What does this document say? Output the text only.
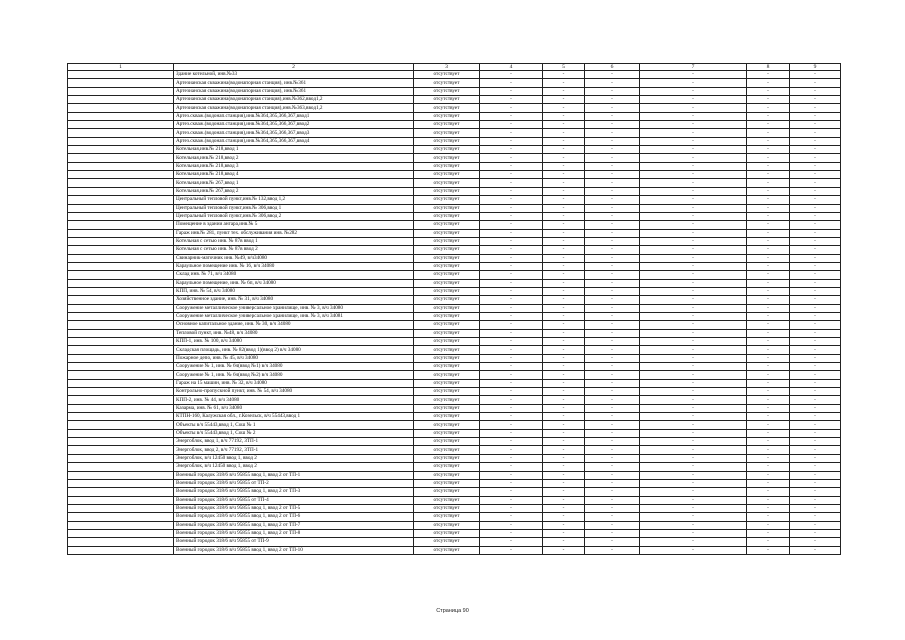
1	2	3	4	5	6	7	8	9
	Здание котельной, инв.№33	отсутствует	-	-	-	-	-	-
	Артезианская скважина(водонапорная станция), инв.№361	отсутствует	-	-	-	-	-	-
	Артезианская скважина(водонапорная станция), инв.№361	отсутствует	-	-	-	-	-	-
	Артезианская скважина(водонапорная станция),инв.№362,ввод1,2	отсутствует	-	-	-	-	-	-
	Артезианская скважина(водонапорная станция),инв.№363,ввод1,2	отсутствует	-	-	-	-	-	-
	Артез.скваж.(водонап.станция),инв.№364,365,366,367,ввод1	отсутствует	-	-	-	-	-	-
	Артез.скваж.(водонап.станция),инв.№364,365,366,367,ввод2	отсутствует	-	-	-	-	-	-
	Артез.скваж.(водонап.станция),инв.№364,365,366,367,ввод3	отсутствует	-	-	-	-	-	-
	Артез.скваж.(водонап.станция),инв.№364,365,366,367,ввод4	отсутствует	-	-	-	-	-	-
	Котельная,инв.№ 218,ввод 1	отсутствует	-	-	-	-	-	-
	Котельная,инв.№ 218,ввод 2	отсутствует	-	-	-	-	-	-
	Котельная,инв.№ 218,ввод 3	отсутствует	-	-	-	-	-	-
	Котельная,инв.№ 218,ввод 4	отсутствует	-	-	-	-	-	-
	Котельная,инв.№ 267,ввод 1	отсутствует	-	-	-	-	-	-
	Котельная,инв.№ 267,ввод 2	отсутствует	-	-	-	-	-	-
	Центральный тепловой пункт,инв.№ 132,ввод 1,2	отсутствует	-	-	-	-	-	-
	Центральный тепловой пункт,инв.№ 306,ввод 1	отсутствует	-	-	-	-	-	-
	Центральный тепловой пункт,инв.№ 306,ввод 2	отсутствует	-	-	-	-	-	-
	Помещение в здании ангара,инв.№ 5	отсутствует	-	-	-	-	-	-
	Гараж инв.№ 281, пункт тех. обслуживания инв. №282	отсутствует	-	-	-	-	-	-
	Котельная с сетью инв. № 87в ввод 1	отсутствует	-	-	-	-	-	-
	Котельная с сетью инв. № 87в ввод 2	отсутствует	-	-	-	-	-	-
	Свинарник-маточник инв. №49, в/ч34080	отсутствует	-	-	-	-	-	-
	Караульное помещение инв. № 16, в/ч 34080	отсутствует	-	-	-	-	-	-
	Склад инв. № 71, в/ч 34080	отсутствует	-	-	-	-	-	-
	Караульное помещение, инв. № 6п, в/ч 34080	отсутствует	-	-	-	-	-	-
	КПП, инв. № 54, в/ч 34080	отсутствует	-	-	-	-	-	-
	Хозяйственное здание, инв. № 31, в/ч 34080	отсутствует	-	-	-	-	-	-
	Сооружение металлическое универсальное хранилище, инв. № 3, в/ч 34080	отсутствует	-	-	-	-	-	-
	Сооружение металлическое универсальное хранилище, инв. № 3, в/ч 34081	отсутствует	-	-	-	-	-	-
	Основное капитальное здание, инв. № 30, в/ч 34080	отсутствует	-	-	-	-	-	-
	Тепловой пункт, инв. №48, в/ч 34080	отсутствует	-	-	-	-	-	-
	КПП-1, инв. № 100, в/ч 34080	отсутствует	-	-	-	-	-	-
	Складская площадь, инв. № 82(ввод 1)(ввод 2) в/ч 34080	отсутствует	-	-	-	-	-	-
	Пожарное депо, инв. № 45, в/ч 34080	отсутствует	-	-	-	-	-	-
	Сооружение № 1, инв. № 6ч(ввод №1) в/ч 34080	отсутствует	-	-	-	-	-	-
	Сооружение № 1, инв. № 6ч(ввод №2) в/ч 34080	отсутствует	-	-	-	-	-	-
	Гараж на 15 машин, инв. № 32, в/ч 34080	отсутствует	-	-	-	-	-	-
	Контрольно-пропускной пункт, инв. № 54, в/ч 34080	отсутствует	-	-	-	-	-	-
	КПП-2, инв. № 44, в/ч 34080	отсутствует	-	-	-	-	-	-
	Казарма, инв. № 61, в/ч 34080	отсутствует	-	-	-	-	-	-
	КТПН-160, Калужская обл., г.Козельск, в/ч 55443,ввод 1	отсутствует	-	-	-	-	-	-
	Объекты в/ч 55443,ввод 1, Сош № 1	отсутствует	-	-	-	-	-	-
	Объекты в/ч 55443,ввод 1, Сош № 2	отсутствует	-	-	-	-	-	-
	Энергоблок, ввод 1, в/ч 77192, ЗТП-1	отсутствует	-	-	-	-	-	-
	Энергоблок, ввод 2, в/ч 77192, ЗТП-1	отсутствует	-	-	-	-	-	-
	Энергоблок, в/ч 12450 ввод 1, ввод 2	отсутствует	-	-	-	-	-	-
	Энергоблок, в/ч 12450 ввод 1, ввод 2	отсутствует	-	-	-	-	-	-
	Военный городок 318/6 в/ч 95855 ввод 1, ввод 2 от ТП-1	отсутствует	-	-	-	-	-	-
	Военный городок 318/6 в/ч 95855 от ТП-2	отсутствует	-	-	-	-	-	-
	Военный городок 318/6 в/ч 95855 ввод 1, ввод 2 от ТП-3	отсутствует	-	-	-	-	-	-
	Военный городок 318/6 в/ч 95855 от ТП-4	отсутствует	-	-	-	-	-	-
	Военный городок 318/6 в/ч 95855 ввод 1, ввод 2 от ТП-5	отсутствует	-	-	-	-	-	-
	Военный городок 318/6 в/ч 95855 ввод 1, ввод 2 от ТП-6	отсутствует	-	-	-	-	-	-
	Военный городок 318/6 в/ч 95855 ввод 1, ввод 2 от ТП-7	отсутствует	-	-	-	-	-	-
	Военный городок 318/6 в/ч 95855 ввод 1, ввод 2 от ТП-8	отсутствует	-	-	-	-	-	-
	Военный городок 318/6 в/ч 95855 от ТП-9	отсутствует	-	-	-	-	-	-
	Военный городок 318/6 в/ч 95855 ввод 1, ввод 2 от ТП-10	отсутствует	-	-	-	-	-	-
Страница 90
